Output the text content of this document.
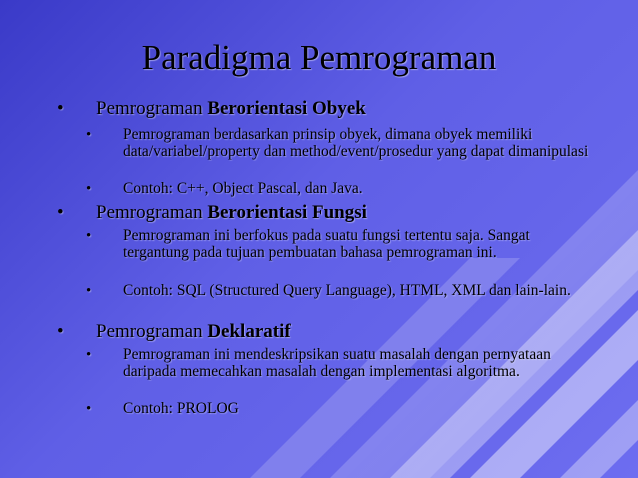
Paradigma Pemrograman
• Pemrograman Berorientasi Obyek
• Pemrograman berdasarkan prinsip obyek, dimana obyek memiliki data/variabel/property dan method/event/prosedur yang dapat dimanipulasi
• Contoh: C++, Object Pascal, dan Java.
• Pemrograman Berorientasi Fungsi
• Pemrograman ini berfokus pada suatu fungsi tertentu saja. Sangat tergantung pada tujuan pembuatan bahasa pemrograman ini.
• Contoh: SQL (Structured Query Language), HTML, XML dan lain-lain.
• Pemrograman Deklaratif
• Pemrograman ini mendeskripsikan suatu masalah dengan pernyataan daripada memecahkan masalah dengan implementasi algoritma.
• Contoh: PROLOG
